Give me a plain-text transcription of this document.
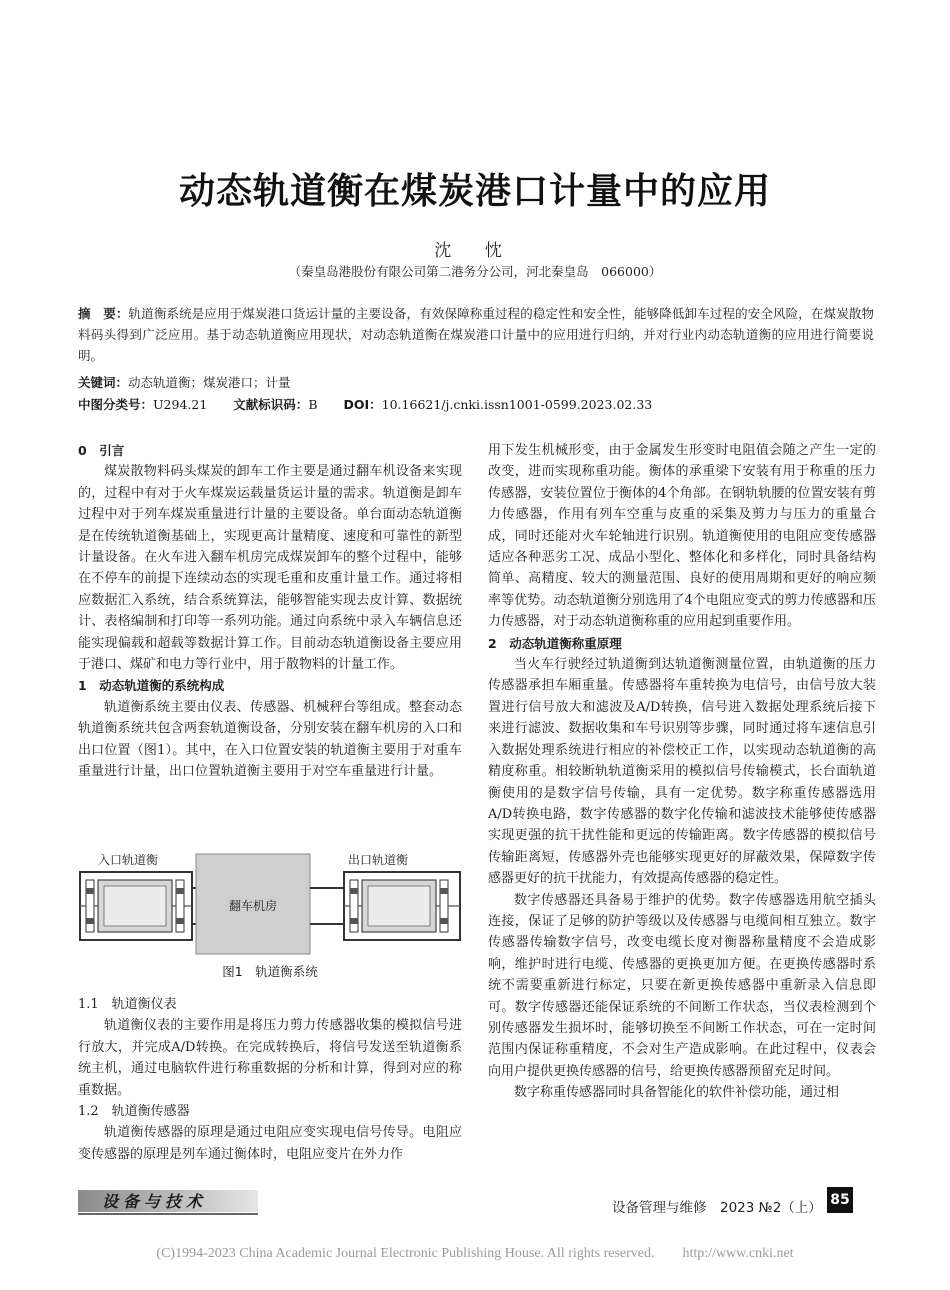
动态轨道衡在煤炭港口计量中的应用
沈 忱
（秦皇岛港股份有限公司第二港务分公司，河北秦皇岛　066000）
摘　要：轨道衡系统是应用于煤炭港口货运计量的主要设备，有效保障称重过程的稳定性和安全性，能够降低卸车过程的安全风险，在煤炭散物料码头得到广泛应用。基于动态轨道衡应用现状，对动态轨道衡在煤炭港口计量中的应用进行归纳，并对行业内动态轨道衡的应用进行简要说明。
关键词：动态轨道衡；煤炭港口；计量
中图分类号：U294.21 文献标识码：B DOI：10.16621/j.cnki.issn1001-0599.2023.02.33
0　引言

煤炭散物料码头煤炭的卸车工作主要是通过翻车机设备来实现的，过程中有对于火车煤炭运载量货运计量的需求。轨道衡是卸车过程中对于列车煤炭重量进行计量的主要设备。单台面动态轨道衡是在传统轨道衡基础上，实现更高计量精度、速度和可靠性的新型计量设备。在火车进入翻车机房完成煤炭卸车的整个过程中，能够在不停车的前提下连续动态的实现毛重和皮重计量工作。通过将相应数据汇入系统，结合系统算法，能够智能实现去皮计算、数据统计、表格编制和打印等一系列功能。通过向系统中录入车辆信息还能实现偏载和超载等数据计算工作。目前动态轨道衡设备主要应用于港口、煤矿和电力等行业中，用于散物料的计量工作。

1　动态轨道衡的系统构成

轨道衡系统主要由仪表、传感器、机械秤台等组成。整套动态轨道衡系统共包含两套轨道衡设备，分别安装在翻车机房的入口和出口位置（图1）。其中，在入口位置安装的轨道衡主要用于对重车重量进行计量，出口位置轨道衡主要用于对空车重量进行计量。

入口轨道衡	出口轨道衡
翻车机房
图1　轨道衡系统
1.1　轨道衡仪表

轨道衡仪表的主要作用是将压力剪力传感器收集的模拟信号进行放大，并完成A/D转换。在完成转换后，将信号发送至轨道衡系统主机，通过电脑软件进行称重数据的分析和计算，得到对应的称重数据。

1.2　轨道衡传感器

轨道衡传感器的原理是通过电阻应变实现电信号传导。电阻应变传感器的原理是列车通过衡体时，电阻应变片在外力作

用下发生机械形变，由于金属发生形变时电阻值会随之产生一定的改变，进而实现称重功能。衡体的承重梁下安装有用于称重的压力传感器，安装位置位于衡体的4个角部。在钢轨轨腰的位置安装有剪力传感器，作用有列车空重与皮重的采集及剪力与压力的重量合成，同时还能对火车轮轴进行识别。轨道衡使用的电阻应变传感器适应各种恶劣工况、成品小型化、整体化和多样化，同时具备结构简单、高精度、较大的测量范围、良好的使用周期和更好的响应频率等优势。动态轨道衡分别选用了4个电阻应变式的剪力传感器和压力传感器，对于动态轨道衡称重的应用起到重要作用。

2　动态轨道衡称重原理

当火车行驶经过轨道衡到达轨道衡测量位置，由轨道衡的压力传感器承担车厢重量。传感器将车重转换为电信号，由信号放大装置进行信号放大和滤波及A/D转换，信号进入数据处理系统后接下来进行滤波、数据收集和车号识别等步骤，同时通过将车速信息引入数据处理系统进行相应的补偿校正工作，以实现动态轨道衡的高精度称重。相较断轨轨道衡采用的模拟信号传输模式，长台面轨道衡使用的是数字信号传输，具有一定优势。数字称重传感器选用A/D转换电路，数字传感器的数字化传输和滤波技术能够使传感器实现更强的抗干扰性能和更远的传输距离。数字传感器的模拟信号传输距离短，传感器外壳也能够实现更好的屏蔽效果，保障数字传感器更好的抗干扰能力，有效提高传感器的稳定性。

数字传感器还具备易于维护的优势。数字传感器选用航空插头连接，保证了足够的防护等级以及传感器与电缆间相互独立。数字传感器传输数字信号，改变电缆长度对衡器称量精度不会造成影响，维护时进行电缆、传感器的更换更加方便。在更换传感器时系统不需要重新进行标定，只要在新更换传感器中重新录入信息即可。数字传感器还能保证系统的不间断工作状态，当仪表检测到个别传感器发生损坏时，能够切换至不间断工作状态，可在一定时间范围内保证称重精度，不会对生产造成影响。在此过程中，仪表会向用户提供更换传感器的信号，给更换传感器预留充足时间。

数字称重传感器同时具备智能化的软件补偿功能，通过相

设备与技术	设备管理与维修　2023 №2（上） 85
(C)1994-2023 China Academic Journal Electronic Publishing House. All rights reserved.　　http://www.cnki.net
